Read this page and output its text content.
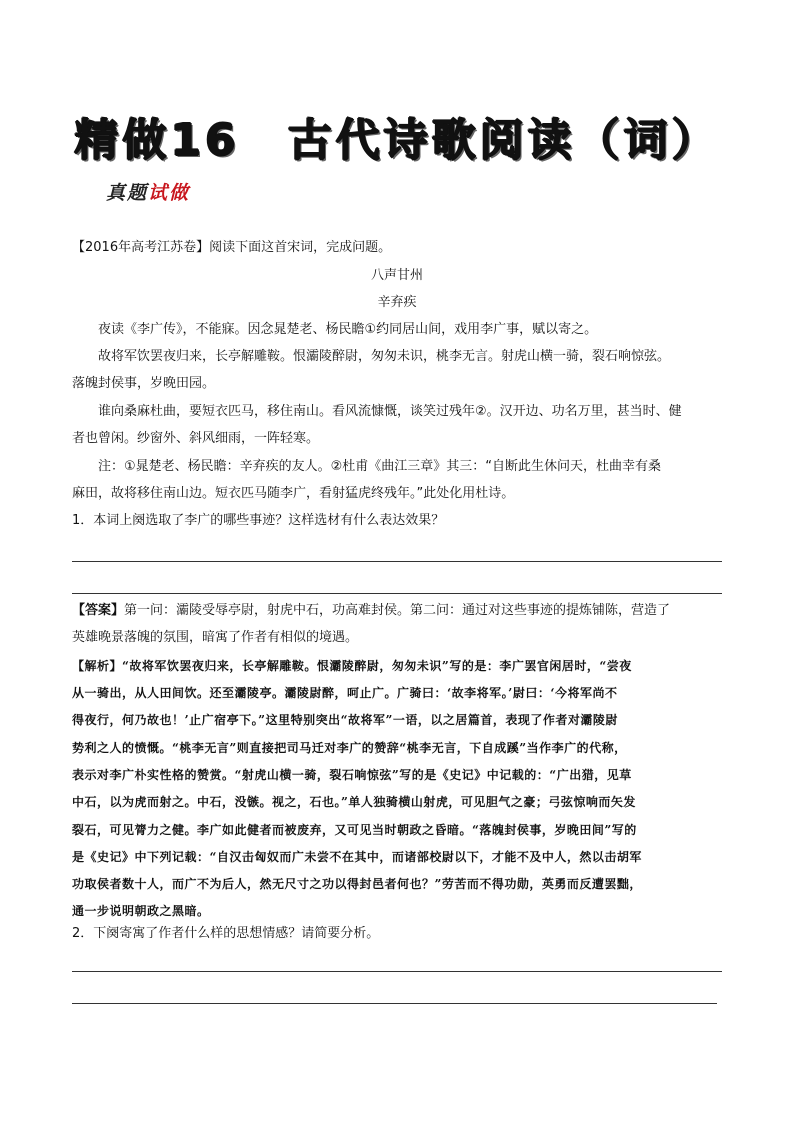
精做16　古代诗歌阅读（词）
真题试做
【2016年高考江苏卷】阅读下面这首宋词，完成问题。
八声甘州
辛弃疾
夜读《李广传》，不能寐。因念晁楚老、杨民瞻①约同居山间，戏用李广事，赋以寄之。
故将军饮罢夜归来，长亭解雕鞍。恨灞陵醉尉，匆匆未识，桃李无言。射虎山横一骑，裂石响惊弦。
落魄封侯事，岁晚田园。
谁向桑麻杜曲，要短衣匹马，移住南山。看风流慷慨，谈笑过残年②。汉开边、功名万里，甚当时、健
者也曾闲。纱窗外、斜风细雨，一阵轻寒。
注：①晁楚老、杨民瞻：辛弃疾的友人。②杜甫《曲江三章》其三：“自断此生休问天，杜曲幸有桑
麻田，故将移住南山边。短衣匹马随李广，看射猛虎终残年。”此处化用杜诗。
1．本词上阕选取了李广的哪些事迹？这样选材有什么表达效果？
【答案】第一问：灞陵受辱亭尉，射虎中石，功高难封侯。第二问：通过对这些事迹的提炼铺陈，营造了
英雄晚景落魄的氛围，暗寓了作者有相似的境遇。
【解析】“故将军饮罢夜归来，长亭解雕鞍。恨灞陵醉尉，匆匆未识”写的是：李广罢官闲居时，“尝夜
从一骑出，从人田间饮。还至灞陵亭。灞陵尉醉，呵止广。广骑曰：‘故李将军。’尉曰：‘今将军尚不
得夜行，何乃故也！’止广宿亭下。”这里特别突出“故将军”一语，以之居篇首，表现了作者对灞陵尉
势利之人的愤慨。“桃李无言”则直接把司马迁对李广的赞辞“桃李无言，下自成蹊”当作李广的代称，
表示对李广朴实性格的赞赏。“射虎山横一骑，裂石响惊弦”写的是《史记》中记载的：“广出猎，见草
中石，以为虎而射之。中石，没镞。视之，石也。”单人独骑横山射虎，可见胆气之豪；弓弦惊响而矢发
裂石，可见膂力之健。李广如此健者而被废弃，又可见当时朝政之昏暗。“落魄封侯事，岁晚田间”写的
是《史记》中下列记载：“自汉击匈奴而广未尝不在其中，而诸部校尉以下，才能不及中人，然以击胡军
功取侯者数十人，而广不为后人，然无尺寸之功以得封邑者何也？”劳苦而不得功勋，英勇而反遭罢黜，
通一步说明朝政之黑暗。
2．下阕寄寓了作者什么样的思想情感？请简要分析。
